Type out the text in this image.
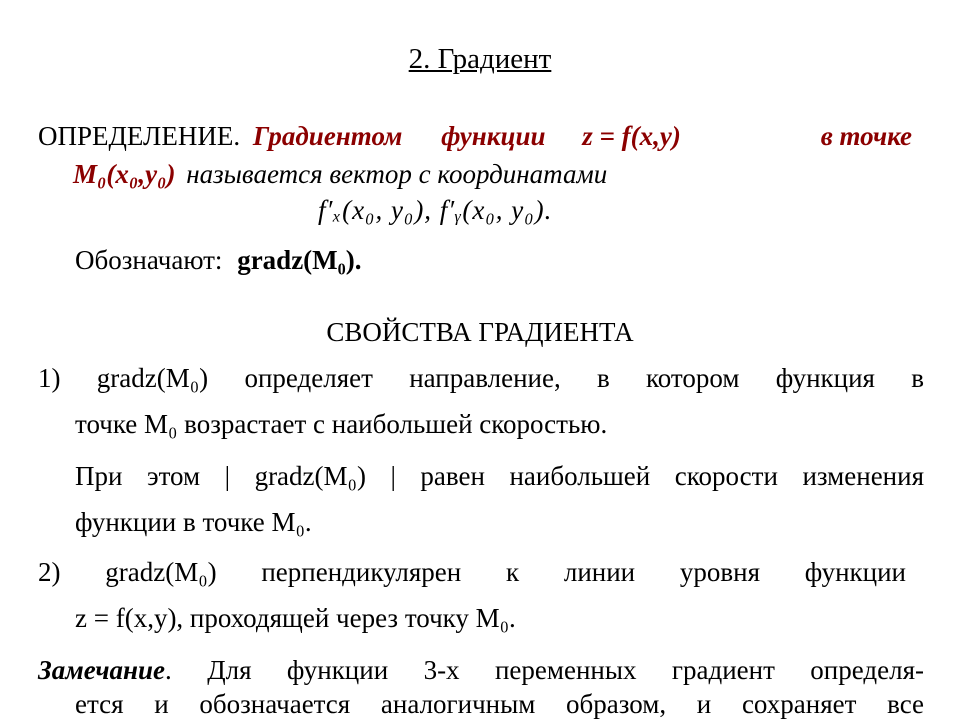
2. Градиент
ОПРЕДЕЛЕНИЕ. Градиентом функции z = f(x,y)	в точке
M₀(x₀,y₀) называется вектор с координатами
f′ₓ(x₀, y₀), f′ᵧ(x₀, y₀).
Обозначают: gradz(M₀).
СВОЙСТВА ГРАДИЕНТА
1) gradz(M₀) определяет направление, в котором функция в
точке M₀ возрастает с наибольшей скоростью.
При этом | gradz(M₀) | равен наибольшей скорости изменения
функции в точке M₀.
2) gradz(M₀) перпендикулярен к линии уровня функции
z = f(x,y), проходящей через точку M₀.
Замечание. Для функции 3-х переменных градиент определя-
ется и обозначается аналогичным образом, и сохраняет все
